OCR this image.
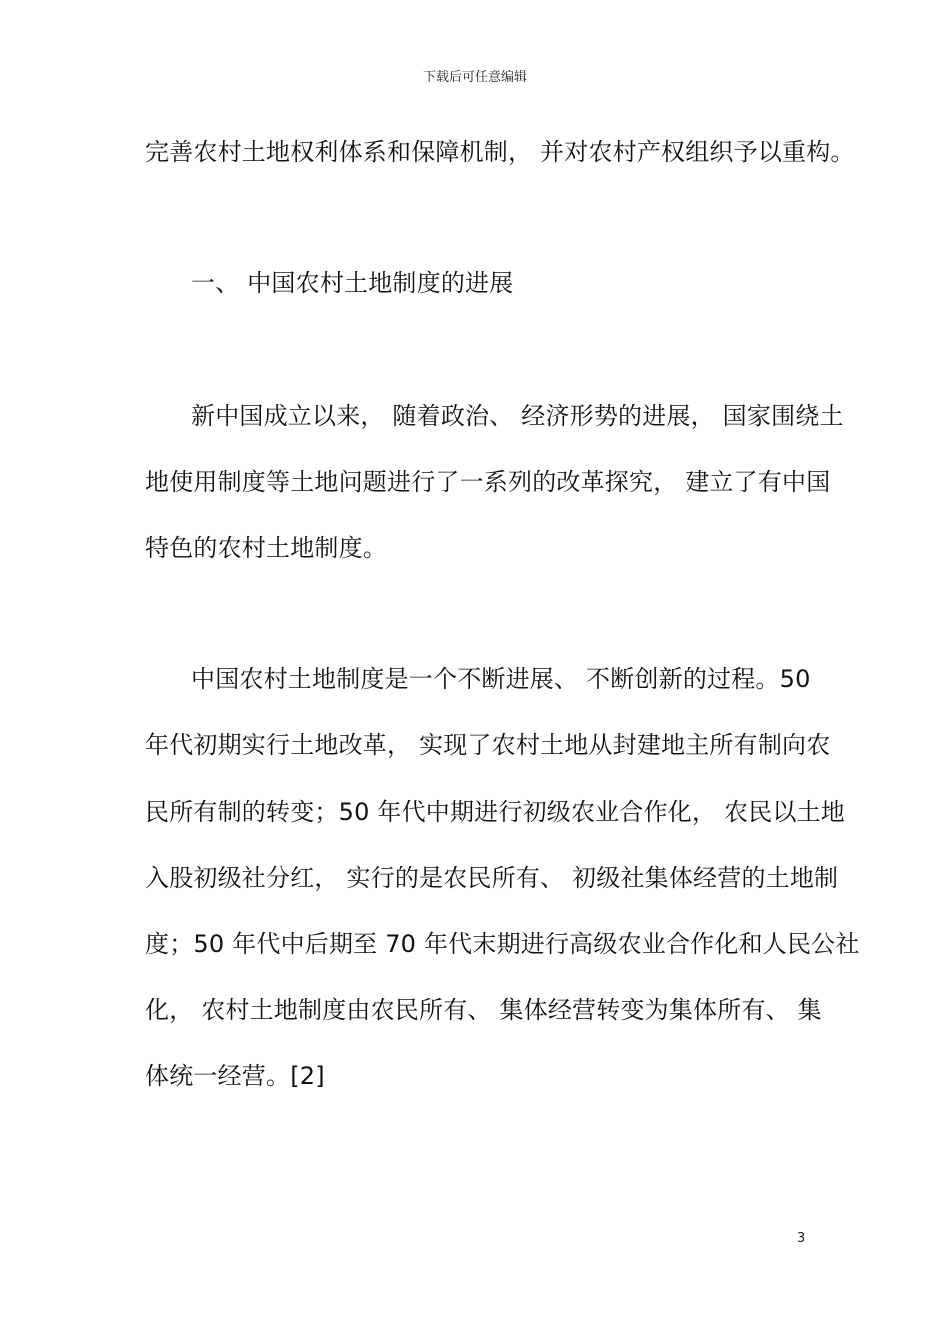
下载后可任意编辑
完善农村土地权利体系和保障机制， 并对农村产权组织予以重构。
一、 中国农村土地制度的进展
新中国成立以来， 随着政治、 经济形势的进展， 国家围绕土
地使用制度等土地问题进行了一系列的改革探究， 建立了有中国
特色的农村土地制度。
中国农村土地制度是一个不断进展、 不断创新的过程。50
年代初期实行土地改革， 实现了农村土地从封建地主所有制向农
民所有制的转变；50 年代中期进行初级农业合作化， 农民以土地
入股初级社分红， 实行的是农民所有、 初级社集体经营的土地制
度；50 年代中后期至 70 年代末期进行高级农业合作化和人民公社
化， 农村土地制度由农民所有、 集体经营转变为集体所有、 集
体统一经营。[2]
3
